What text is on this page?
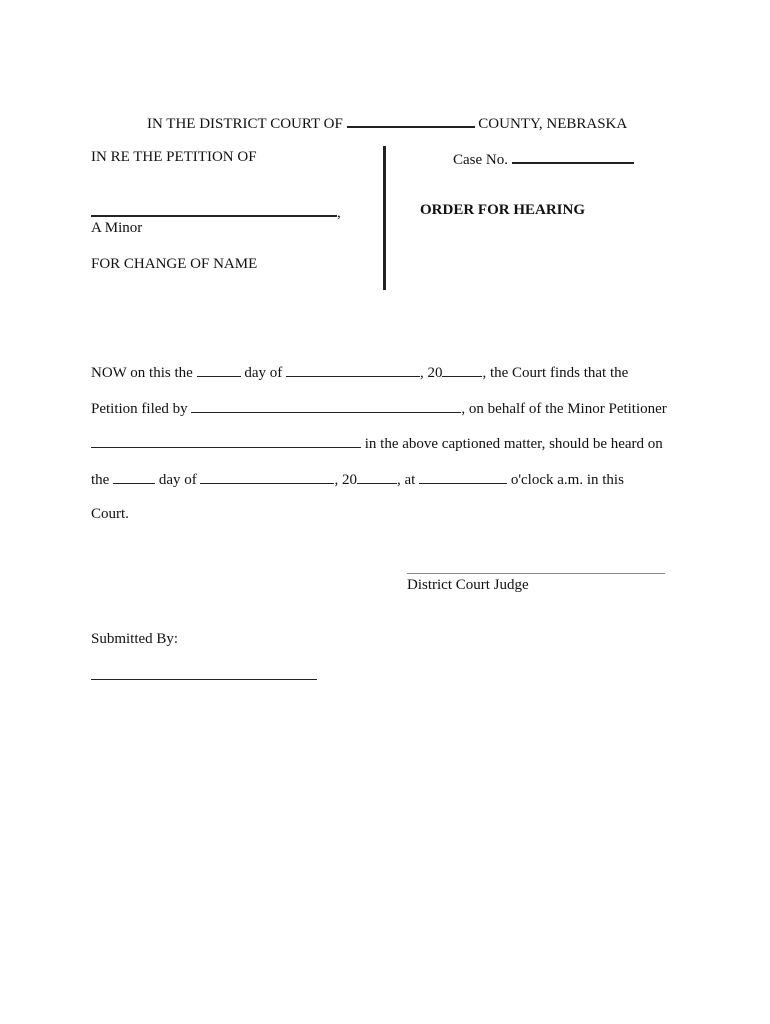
IN THE DISTRICT COURT OF	COUNTY, NEBRASKA
IN RE THE PETITION OF
,
A Minor
FOR CHANGE OF NAME
Case No.
ORDER FOR HEARING
NOW on this the	day of	, 20	, the Court finds that the
Petition filed by	, on behalf of the Minor Petitioner
in the above captioned matter, should be heard on
the	day of	, 20	, at	o'clock a.m. in this
Court.
District Court Judge
Submitted By:
